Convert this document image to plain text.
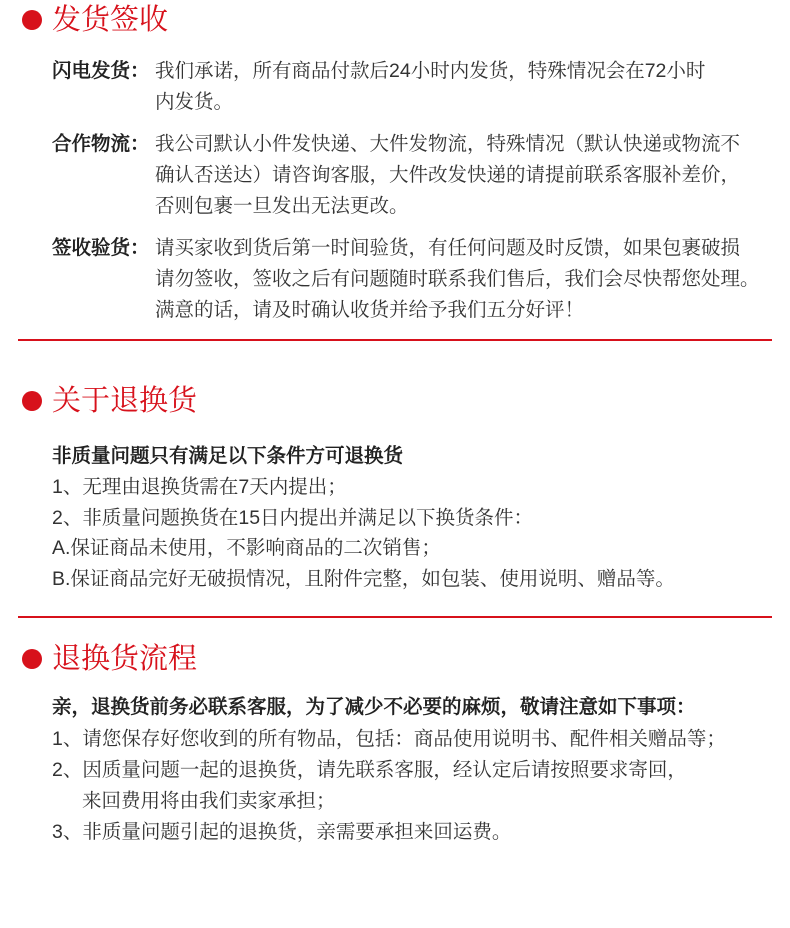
发货签收
闪电发货： 我们承诺，所有商品付款后24小时内发货，特殊情况会在72小时
内发货。
合作物流： 我公司默认小件发快递、大件发物流，特殊情况（默认快递或物流不
确认否送达）请咨询客服，大件改发快递的请提前联系客服补差价，
否则包裹一旦发出无法更改。
签收验货： 请买家收到货后第一时间验货，有任何问题及时反馈，如果包裹破损
请勿签收，签收之后有问题随时联系我们售后，我们会尽快帮您处理。
满意的话，请及时确认收货并给予我们五分好评！
关于退换货
非质量问题只有满足以下条件方可退换货
1、无理由退换货需在7天内提出；
2、非质量问题换货在15日内提出并满足以下换货条件：
A.保证商品未使用，不影响商品的二次销售；
B.保证商品完好无破损情况，且附件完整，如包装、使用说明、赠品等。
退换货流程
亲，退换货前务必联系客服，为了减少不必要的麻烦，敬请注意如下事项：
1、请您保存好您收到的所有物品，包括：商品使用说明书、配件相关赠品等；
2、因质量问题一起的退换货，请先联系客服，经认定后请按照要求寄回，
来回费用将由我们卖家承担；
3、非质量问题引起的退换货，亲需要承担来回运费。
